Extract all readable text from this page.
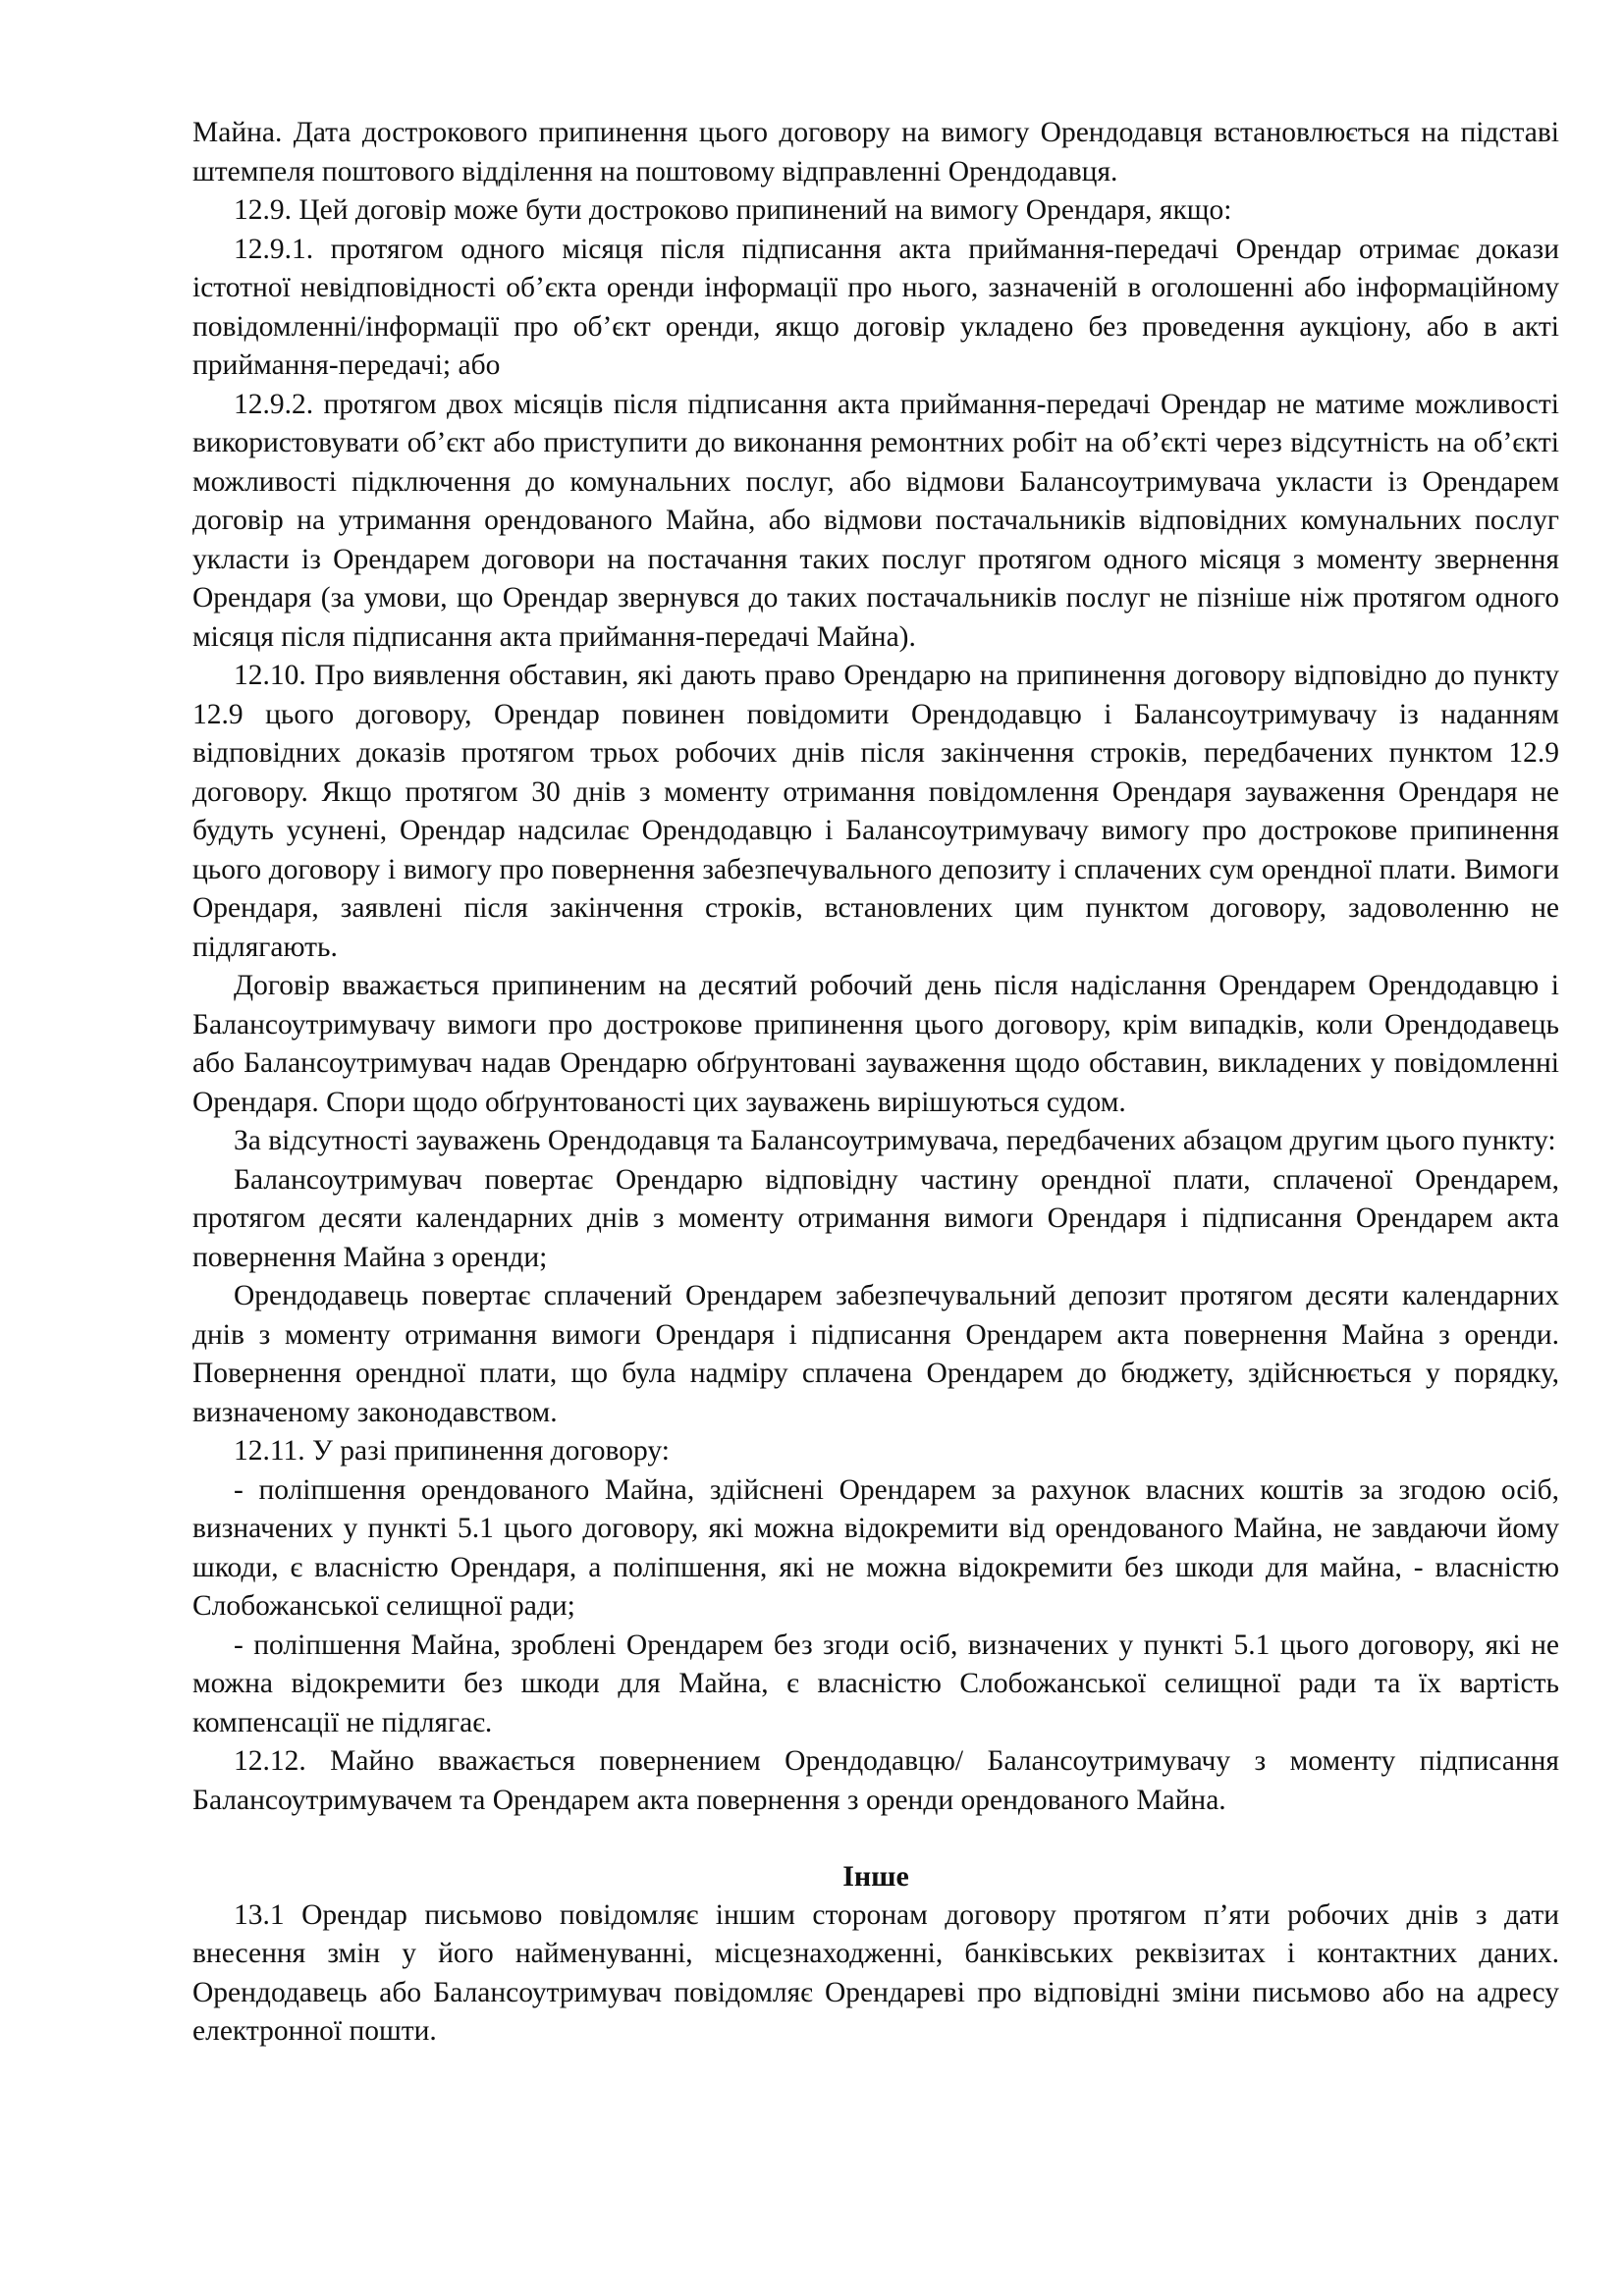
Майна. Дата дострокового припинення цього договору на вимогу Орендодавця встановлюється на підставі штемпеля поштового відділення на поштовому відправленні Орендодавця.

12.9. Цей договір може бути достроково припинений на вимогу Орендаря, якщо:

12.9.1. протягом одного місяця після підписання акта приймання-передачі Орендар отримає докази істотної невідповідності об’єкта оренди інформації про нього, зазначеній в оголошенні або інформаційному повідомленні/інформації про об’єкт оренди, якщо договір укладено без проведення аукціону, або в акті приймання-передачі; або

12.9.2. протягом двох місяців після підписання акта приймання-передачі Орендар не матиме можливості використовувати об’єкт або приступити до виконання ремонтних робіт на об’єкті через відсутність на об’єкті можливості підключення до комунальних послуг, або відмови Балансоутримувача укласти із Орендарем договір на утримання орендованого Майна, або відмови постачальників відповідних комунальних послуг укласти із Орендарем договори на постачання таких послуг протягом одного місяця з моменту звернення Орендаря (за умови, що Орендар звернувся до таких постачальників послуг не пізніше ніж протягом одного місяця після підписання акта приймання-передачі Майна).

12.10. Про виявлення обставин, які дають право Орендарю на припинення договору відповідно до пункту 12.9 цього договору, Орендар повинен повідомити Орендодавцю і Балансоутримувачу із наданням відповідних доказів протягом трьох робочих днів після закінчення строків, передбачених пунктом 12.9 договору. Якщо протягом 30 днів з моменту отримання повідомлення Орендаря зауваження Орендаря не будуть усунені, Орендар надсилає Орендодавцю і Балансоутримувачу вимогу про дострокове припинення цього договору і вимогу про повернення забезпечувального депозиту і сплачених сум орендної плати. Вимоги Орендаря, заявлені після закінчення строків, встановлених цим пунктом договору, задоволенню не підлягають.

Договір вважається припиненим на десятий робочий день після надіслання Орендарем Орендодавцю і Балансоутримувачу вимоги про дострокове припинення цього договору, крім випадків, коли Орендодавець або Балансоутримувач надав Орендарю обґрунтовані зауваження щодо обставин, викладених у повідомленні Орендаря. Спори щодо обґрунтованості цих зауважень вирішуються судом.

За відсутності зауважень Орендодавця та Балансоутримувача, передбачених абзацом другим цього пункту:

Балансоутримувач повертає Орендарю відповідну частину орендної плати, сплаченої Орендарем, протягом десяти календарних днів з моменту отримання вимоги Орендаря і підписання Орендарем акта повернення Майна з оренди;

Орендодавець повертає сплачений Орендарем забезпечувальний депозит протягом десяти календарних днів з моменту отримання вимоги Орендаря і підписання Орендарем акта повернення Майна з оренди. Повернення орендної плати, що була надміру сплачена Орендарем до бюджету, здійснюється у порядку, визначеному законодавством.

12.11. У разі припинення договору:

- поліпшення орендованого Майна, здійснені Орендарем за рахунок власних коштів за згодою осіб, визначених у пункті 5.1 цього договору, які можна відокремити від орендованого Майна, не завдаючи йому шкоди, є власністю Орендаря, а поліпшення, які не можна відокремити без шкоди для майна, - власністю Слобожанської селищної ради;

- поліпшення Майна, зроблені Орендарем без згоди осіб, визначених у пункті 5.1 цього договору, які не можна відокремити без шкоди для Майна, є власністю Слобожанської селищної ради та їх вартість компенсації не підлягає.

12.12. Майно вважається повернением Орендодавцю/ Балансоутримувачу з моменту підписання Балансоутримувачем та Орендарем акта повернення з оренди орендованого Майна.

Інше

13.1 Орендар письмово повідомляє іншим сторонам договору протягом п’яти робочих днів з дати внесення змін у його найменуванні, місцезнаходженні, банківських реквізитах і контактних даних. Орендодавець або Балансоутримувач повідомляє Орендареві про відповідні зміни письмово або на адресу електронної пошти.
